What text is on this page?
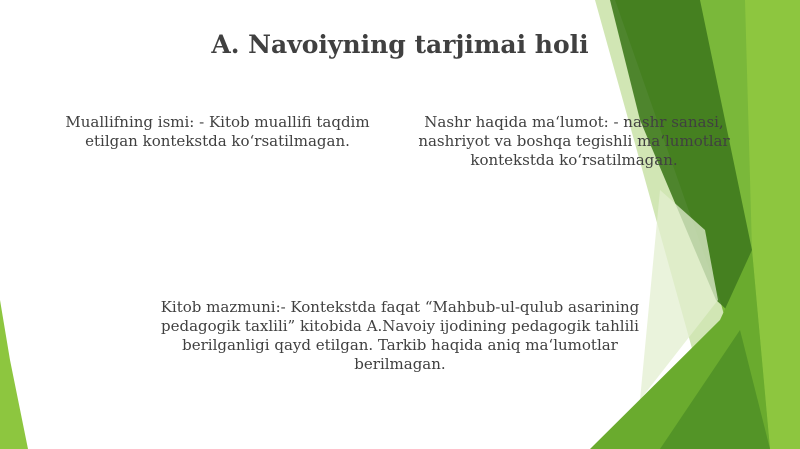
A. Navoiyning tarjimai holi
Muallifning ismi: - Kitob muallifi taqdim etilgan kontekstda koʻrsatilmagan.
Nashr haqida maʻlumot: - nashr sanasi, nashriyot va boshqa tegishli maʻlumotlar kontekstda koʻrsatilmagan.
Kitob mazmuni:- Kontekstda faqat “Mahbub-ul-qulub asarining pedagogik taxlili” kitobida A.Navoiy ijodining pedagogik tahlili berilganligi qayd etilgan. Tarkib haqida aniq maʻlumotlar berilmagan.
